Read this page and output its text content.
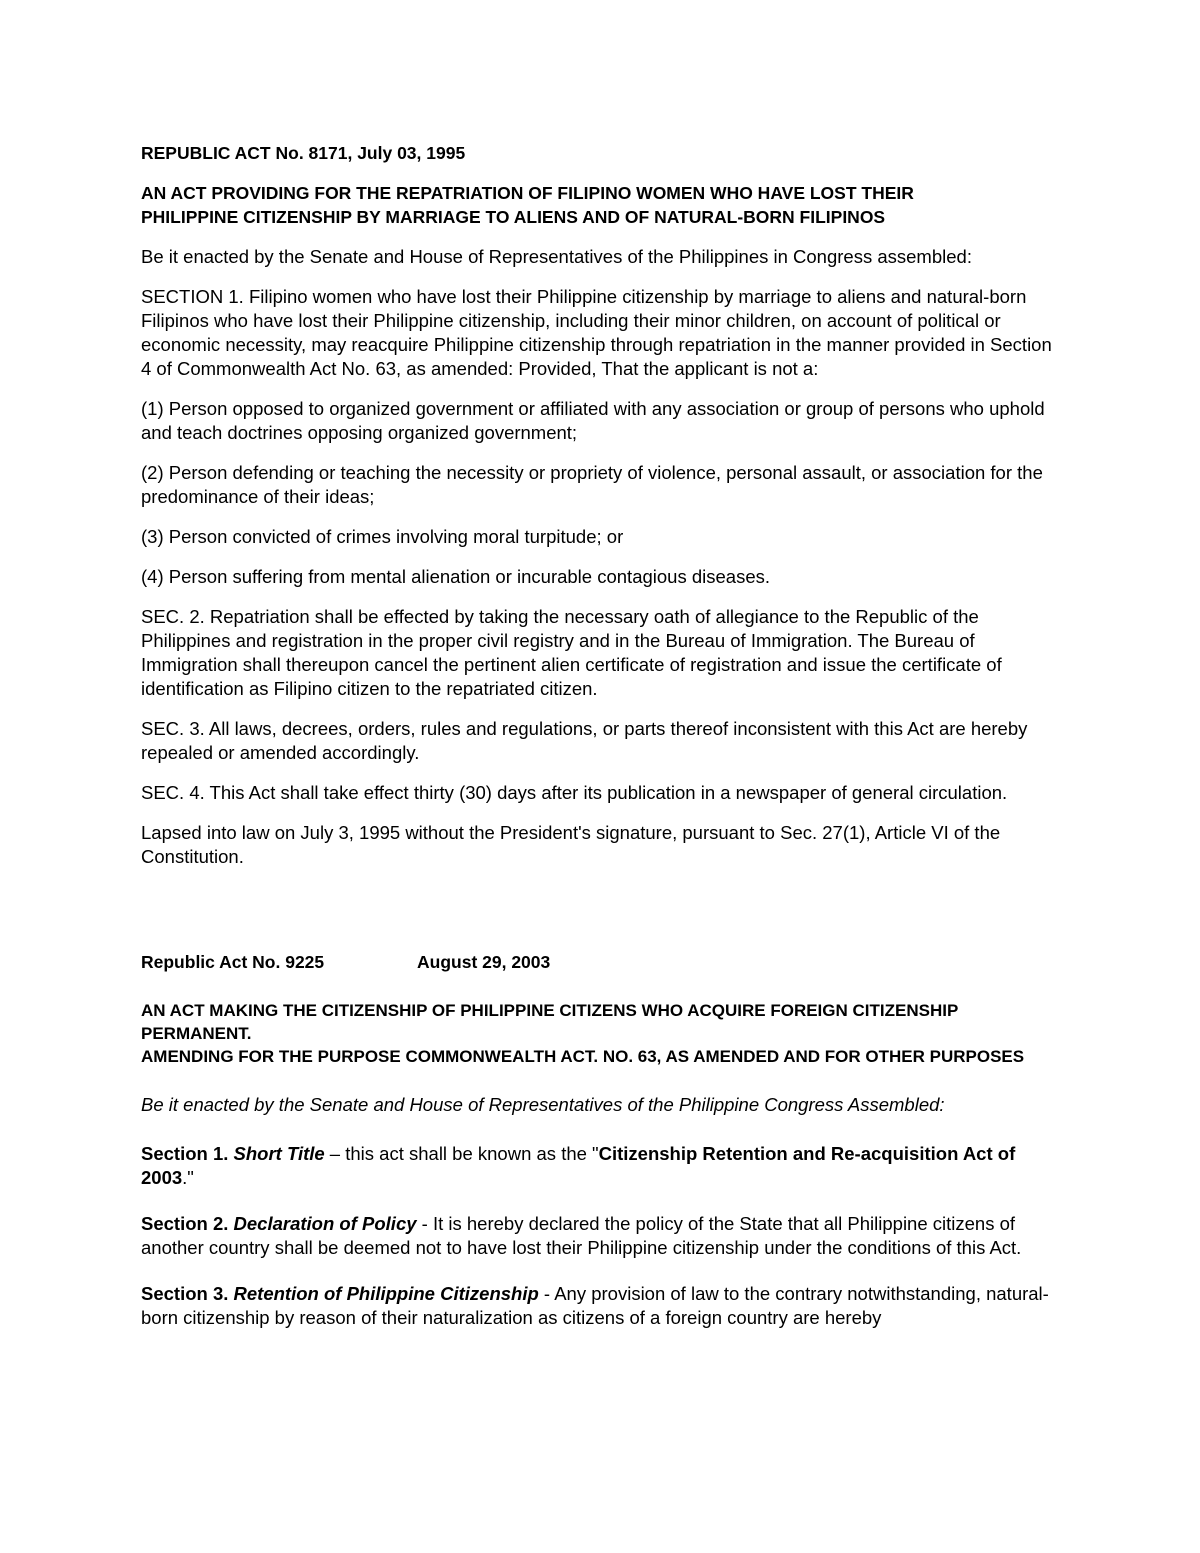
REPUBLIC ACT No. 8171, July 03, 1995

AN ACT PROVIDING FOR THE REPATRIATION OF FILIPINO WOMEN WHO HAVE LOST THEIR

PHILIPPINE CITIZENSHIP BY MARRIAGE TO ALIENS AND OF NATURAL-BORN FILIPINOS

Be it enacted by the Senate and House of Representatives of the Philippines in Congress assembled:

SECTION 1. Filipino women who have lost their Philippine citizenship by marriage to aliens and natural-born Filipinos who have lost their Philippine citizenship, including their minor children, on account of political or economic necessity, may reacquire Philippine citizenship through repatriation in the manner provided in Section 4 of Commonwealth Act No. 63, as amended: Provided, That the applicant is not a:

(1) Person opposed to organized government or affiliated with any association or group of persons who uphold and teach doctrines opposing organized government;

(2) Person defending or teaching the necessity or propriety of violence, personal assault, or association for the predominance of their ideas;

(3) Person convicted of crimes involving moral turpitude; or

(4) Person suffering from mental alienation or incurable contagious diseases.

SEC. 2. Repatriation shall be effected by taking the necessary oath of allegiance to the Republic of the Philippines and registration in the proper civil registry and in the Bureau of Immigration. The Bureau of Immigration shall thereupon cancel the pertinent alien certificate of registration and issue the certificate of identification as Filipino citizen to the repatriated citizen.

SEC. 3. All laws, decrees, orders, rules and regulations, or parts thereof inconsistent with this Act are hereby repealed or amended accordingly.

SEC. 4. This Act shall take effect thirty (30) days after its publication in a newspaper of general circulation.

Lapsed into law on July 3, 1995 without the President's signature, pursuant to Sec. 27(1), Article VI of the Constitution.

Republic Act No. 9225	August 29, 2003

AN ACT MAKING THE CITIZENSHIP OF PHILIPPINE CITIZENS WHO ACQUIRE FOREIGN CITIZENSHIP PERMANENT.

AMENDING FOR THE PURPOSE COMMONWEALTH ACT. NO. 63, AS AMENDED AND FOR OTHER PURPOSES

Be it enacted by the Senate and House of Representatives of the Philippine Congress Assembled:

Section 1. Short Title – this act shall be known as the "Citizenship Retention and Re-acquisition Act of 2003."

Section 2. Declaration of Policy - It is hereby declared the policy of the State that all Philippine citizens of another country shall be deemed not to have lost their Philippine citizenship under the conditions of this Act.

Section 3. Retention of Philippine Citizenship - Any provision of law to the contrary notwithstanding, natural-born citizenship by reason of their naturalization as citizens of a foreign country are hereby
